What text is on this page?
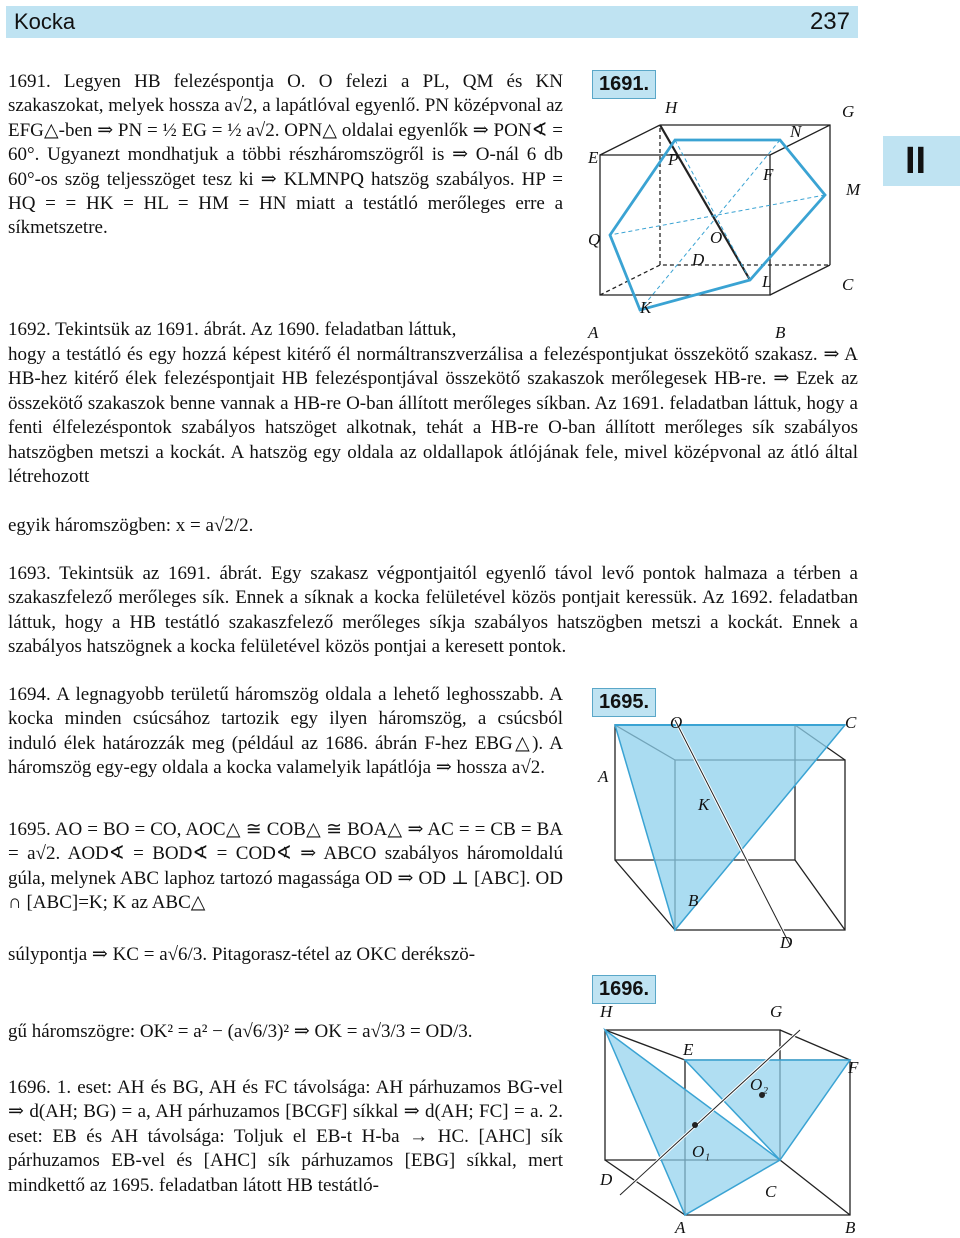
Kocka	237
II

1691. Legyen HB felezéspontja O. O felezi a PL, QM és KN szakaszokat, melyek hossza a√2, a lapátlóval egyenlő. PN középvonal az EFG△-ben ⇒ PN = ½ EG = ½ a√2. OPN△ oldalai egyenlők ⇒ PON∢ = 60°. Ugyanezt mondhatjuk a többi részháromszögről is ⇒ O-nál 6 db 60°-os szög teljesszöget tesz ki ⇒ KLMNPQ hatszög szabályos. HP = HQ = = HK = HL = HM = HN miatt a testátló merőleges erre a síkmetszetre.

1692. Tekintsük az 1691. ábrát. Az 1690. feladatban láttuk,

hogy a testátló és egy hozzá képest kitérő él normáltranszverzálisa a felezéspontjukat összekötő szakasz. ⇒ A HB-hez kitérő élek felezéspontjait HB felezéspontjával összekötő szakaszok merőlegesek HB-re. ⇒ Ezek az összekötő szakaszok benne vannak a HB-re O-ban állított merőleges síkban. Az 1691. feladatban láttuk, hogy a fenti élfelezéspontok szabályos hatszöget alkotnak, tehát a HB-re O-ban állított merőleges sík szabályos hatszögben metszi a kockát. A hatszög egy oldala az oldallapok átlójának fele, mivel középvonal az átló által létrehozott

egyik háromszögben: x = a√2/2.

1693. Tekintsük az 1691. ábrát. Egy szakasz végpontjaitól egyenlő távol levő pontok halmaza a térben a szakaszfelező merőleges sík. Ennek a síknak a kocka felületével közös pontjait keressük. Az 1692. feladatban láttuk, hogy a HB testátló szakaszfelező merőleges síkja szabályos hatszögben metszi a kockát. Ennek a szabályos hatszögnek a kocka felületével közös pontjai a keresett pontok.

1694. A legnagyobb területű háromszög oldala a lehető leghosszabb. A kocka minden csúcsához tartozik egy ilyen háromszög, a csúcsból induló élek határozzák meg (például az 1686. ábrán F-hez EBG△). A háromszög egy-egy oldala a kocka valamelyik lapátlója ⇒ hossza a√2.

1695. AO = BO = CO, AOC△ ≅ COB△ ≅ BOA△ ⇒ AC = = CB = BA = a√2. AOD∢ = BOD∢ = COD∢ ⇒ ABCO szabályos háromoldalú gúla, melynek ABC laphoz tartozó magassága OD ⇒ OD ⊥ [ABC]. OD ∩ [ABC]=K; K az ABC△

súlypontja ⇒ KC = a√6/3. Pitagorasz-tétel az OKC derékszö-

gű háromszögre: OK² = a² − (a√6/3)² ⇒ OK = a√3/3 = OD/3.

1696. 1. eset: AH és BG, AH és FC távolsága: AH párhuzamos BG-vel ⇒ d(AH; BG) = a, AH párhuzamos [BCGF] síkkal ⇒ d(AH; FC] = a. 2. eset: EB és AH távolsága: Toljuk el EB-t H-ba → HC. [AHC] sík párhuzamos EB-vel és [AHC] sík párhuzamos [EBG] síkkal, mert mindkettő az 1695. feladatban látott HB testátló-

1691.
H	G
N
E	P
F
M
Q	O
D
L	C
K
A	B
1695.
O	C
A
K
B
D
1696.
H	G
E
F
O₂
O₁
D
C
A	B
